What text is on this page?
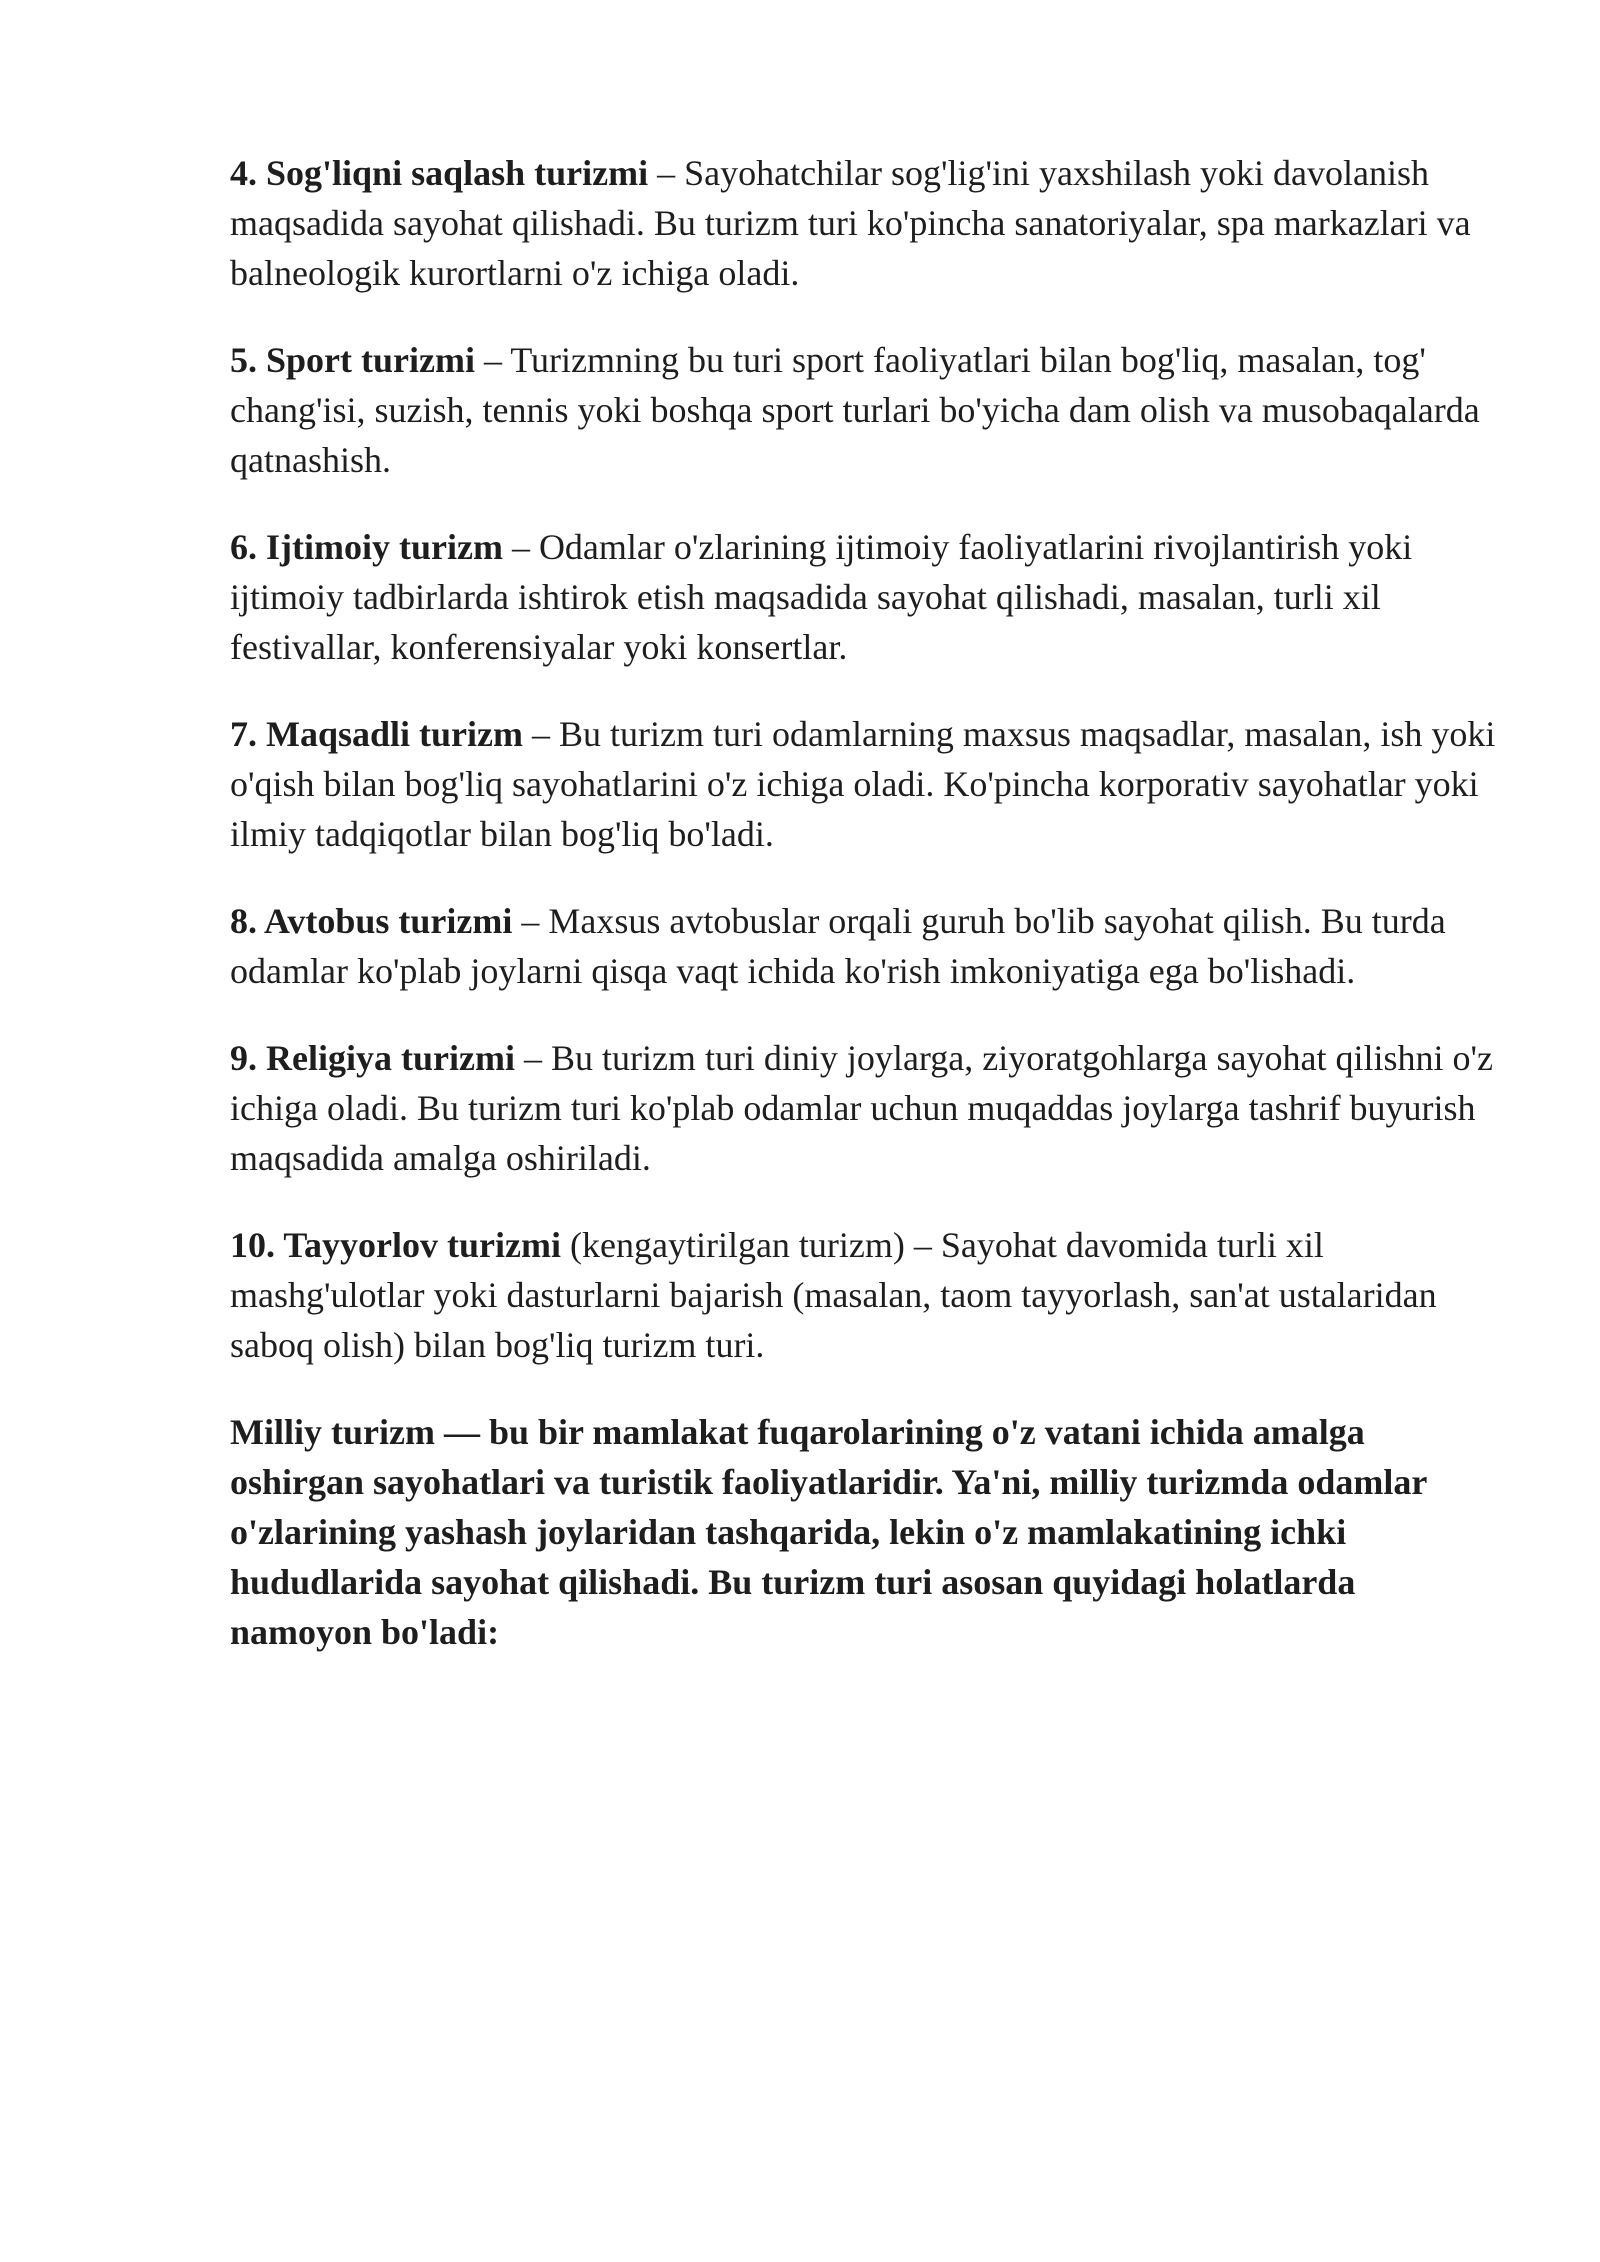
4. Sog'liqni saqlash turizmi – Sayohatchilar sog'lig'ini yaxshilash yoki davolanish maqsadida sayohat qilishadi. Bu turizm turi ko'pincha sanatoriyalar, spa markazlari va balneologik kurortlarni o'z ichiga oladi.

5. Sport turizmi – Turizmning bu turi sport faoliyatlari bilan bog'liq, masalan, tog' chang'isi, suzish, tennis yoki boshqa sport turlari bo'yicha dam olish va musobaqalarda qatnashish.

6. Ijtimoiy turizm – Odamlar o'zlarining ijtimoiy faoliyatlarini rivojlantirish yoki ijtimoiy tadbirlarda ishtirok etish maqsadida sayohat qilishadi, masalan, turli xil festivallar, konferensiyalar yoki konsertlar.

7. Maqsadli turizm – Bu turizm turi odamlarning maxsus maqsadlar, masalan, ish yoki o'qish bilan bog'liq sayohatlarini o'z ichiga oladi. Ko'pincha korporativ sayohatlar yoki ilmiy tadqiqotlar bilan bog'liq bo'ladi.

8. Avtobus turizmi – Maxsus avtobuslar orqali guruh bo'lib sayohat qilish. Bu turda odamlar ko'plab joylarni qisqa vaqt ichida ko'rish imkoniyatiga ega bo'lishadi.

9. Religiya turizmi – Bu turizm turi diniy joylarga, ziyoratgohlarga sayohat qilishni o'z ichiga oladi. Bu turizm turi ko'plab odamlar uchun muqaddas joylarga tashrif buyurish maqsadida amalga oshiriladi.

10. Tayyorlov turizmi (kengaytirilgan turizm) – Sayohat davomida turli xil mashg'ulotlar yoki dasturlarni bajarish (masalan, taom tayyorlash, san'at ustalaridan saboq olish) bilan bog'liq turizm turi.

Milliy turizm — bu bir mamlakat fuqarolarining o'z vatani ichida amalga oshirgan sayohatlari va turistik faoliyatlaridir. Ya'ni, milliy turizmda odamlar o'zlarining yashash joylaridan tashqarida, lekin o'z mamlakatining ichki hududlarida sayohat qilishadi. Bu turizm turi asosan quyidagi holatlarda namoyon bo'ladi:
